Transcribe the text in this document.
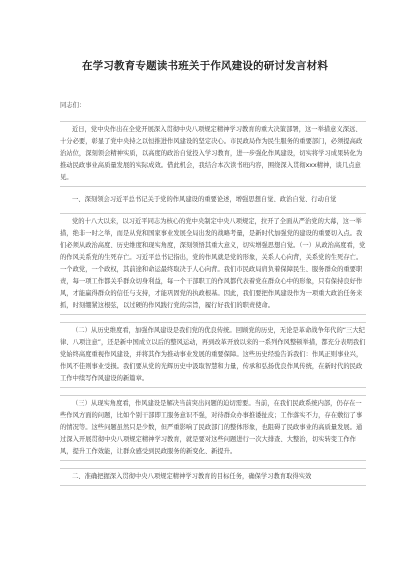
在学习教育专题读书班关于作风建设的研讨发言材料

同志们：

近日，党中央作出在全党开展深入贯彻中央八项规定精神学习教育的重大决策部署，这一举措意义深远、十分必要，彰显了党中央持之以恒推进作风建设的坚定决心。市民政局作为民生服务的重要部门，必须提高政治站位，深刻领会精神实质，以高度的政治自觉投入学习教育，进一步强化作风建设，切实将学习成果转化为推动民政事业高质量发展的实际成效。借此机会，我结合本次读书班内容，围绕深入贯彻xxx精神，谈几点意见。

一、深刻领会习近平总书记关于党的作风建设的重要论述，增强思想自觉、政治自觉、行动自觉

党的十八大以来，以习近平同志为核心的党中央制定中央八项规定，拉开了全面从严治党的大幕，这一举措，绝非一时之举，而是从党和国家事业发展全局出发的战略考量，是新时代加强党的建设的重要切入点。我们必须从政治高度、历史维度和现实角度，深刻领悟其重大意义，切实增强思想自觉。（一）从政治高度看，党的作风关系党的生死存亡。习近平总书记指出，党的作风就是党的形象，关系人心向背，关系党的生死存亡。一个政党，一个政权，其前途和命运最终取决于人心向背。我们市民政局肩负着保障民生、服务群众的重要职责，每一项工作都关乎群众切身利益，每一个干部职工的作风都代表着党在群众心中的形象，只有保持良好作风，才能赢得群众的信任与支持，才能巩固党的执政根基。因此，我们要把作风建设作为一项重大政治任务来抓，时刻绷紧这根弦，以过硬的作风践行党的宗旨，履行好我们的职责使命。

（二）从历史维度看，加强作风建设是我们党的优良传统。回顾党的历史，无论是革命战争年代的“三大纪律、八项注意”，还是新中国成立以后的整风运动，再到改革开放以来的一系列作风整顿举措，都充分表明我们党始终高度重视作风建设，并将其作为推动事业发展的重要保障。这些历史经验告诉我们：作风正则事业兴，作风不佳则事业受损。我们要从党的光辉历史中汲取智慧和力量，传承和弘扬优良作风传统，在新时代的民政工作中续写作风建设的新篇章。

（三）从现实角度看，作风建设是解决当前突出问题的迫切需要。当前，在我们民政系统内部，仍存在一些作风方面的问题，比如个别干部即工服务意识不强，对待群众办事推诿扯皮；工作落实不力，存在敷衍了事的情况等。这些问题虽然只是少数，但严重影响了民政部门的整体形象，也阻碍了民政事业的高质量发展。通过深入开展贯彻中央八项规定精神学习教育，就是要对这些问题进行一次大排查、大整治，切实转变工作作风，提升工作效能，让群众感受到民政服务的新变化、新提升。

二、准确把握深入贯彻中央八项规定精神学习教育的目标任务，确保学习教育取得实效
